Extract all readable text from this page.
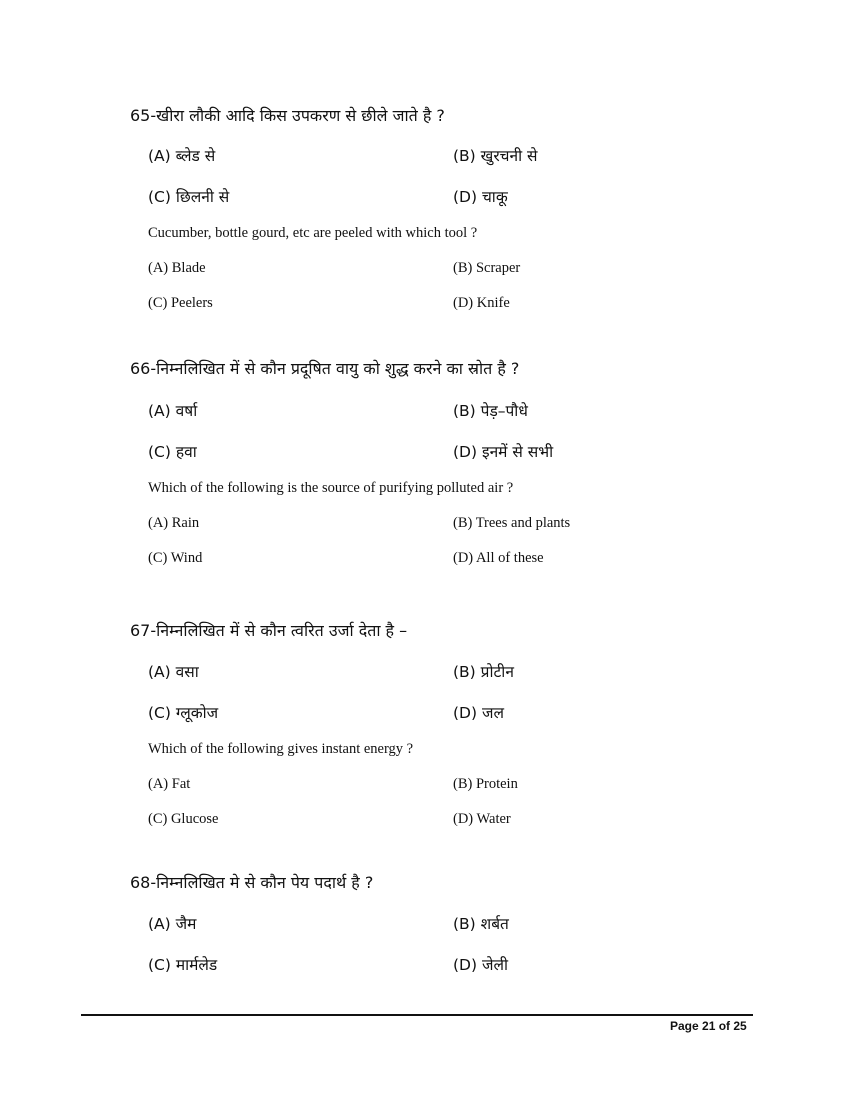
65-खीरा लौकी आदि किस उपकरण से छीले जाते है ?
(A) ब्लेड से	(B) खुरचनी से
(C) छिलनी से	(D) चाकू
Cucumber, bottle gourd, etc are peeled with which tool ?
(A) Blade	(B) Scraper
(C) Peelers	(D) Knife
66-निम्नलिखित में से कौन प्रदूषित वायु को शुद्ध करने का स्रोत है ?
(A) वर्षा	(B) पेड़–पौधे
(C) हवा	(D) इनमें से सभी
Which of the following is the source of purifying polluted air ?
(A) Rain	(B) Trees and plants
(C) Wind	(D) All of these
67-निम्नलिखित में से कौन त्वरित उर्जा देता है –
(A) वसा	(B) प्रोटीन
(C) ग्लूकोज	(D) जल
Which of the following gives instant energy ?
(A) Fat	(B) Protein
(C) Glucose	(D) Water
68-निम्नलिखित मे से कौन पेय पदार्थ है ?
(A) जैम	(B) शर्बत
(C) मार्मलेड	(D) जेली
Page 21 of 25
